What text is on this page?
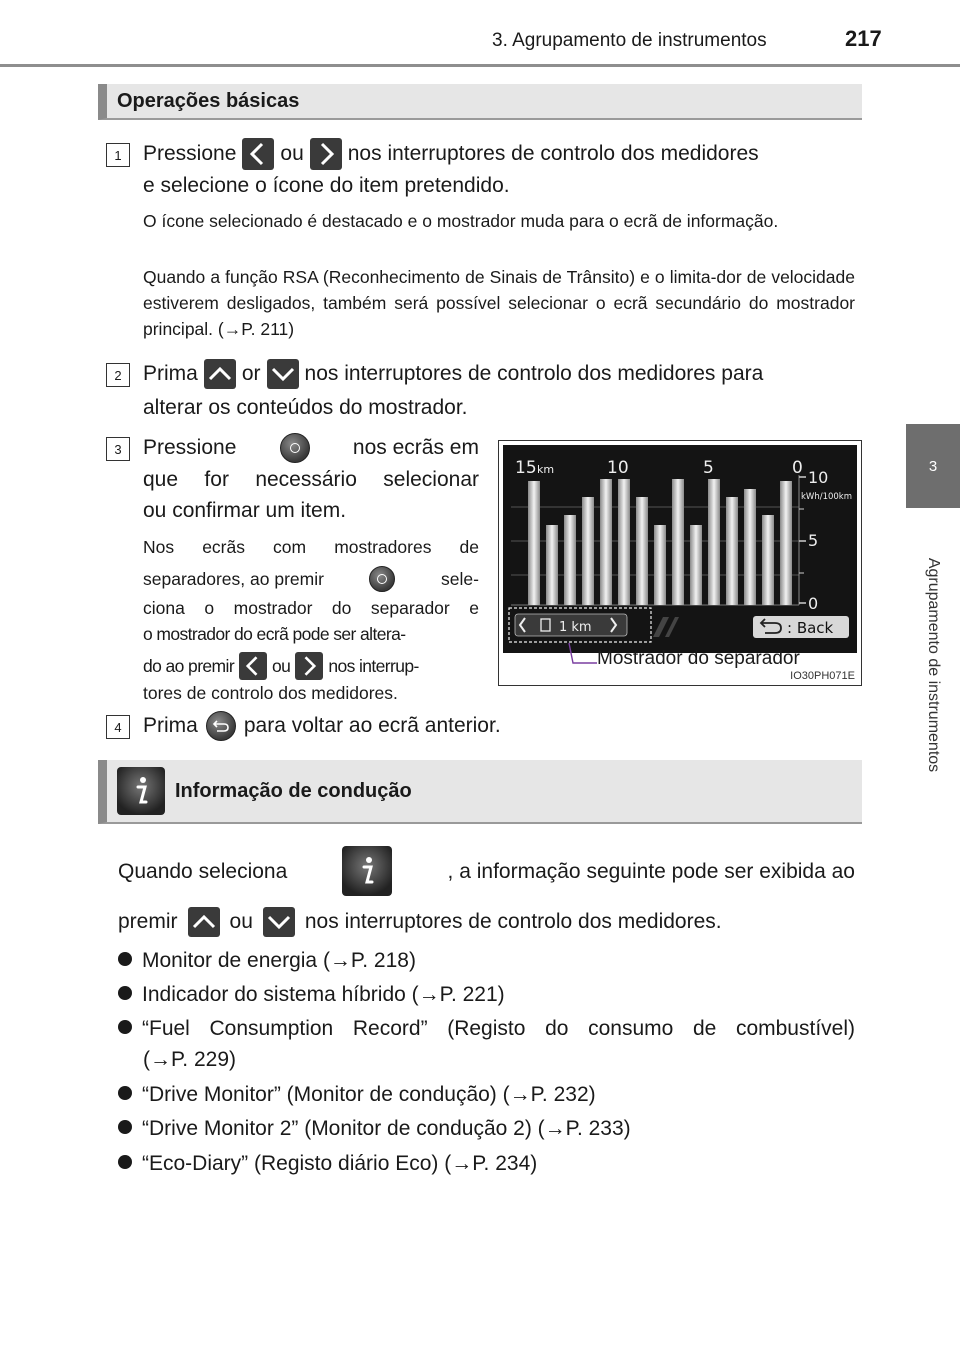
3. Agrupamento de instrumentos	217
3
Agrupamento de instrumentos
Operações básicas
1	Pressione ou nos interruptores de controlo dos medidores
e selecione o ícone do item pretendido.
O ícone selecionado é destacado e o mostrador muda para o ecrã de informação.
Quando a função RSA (Reconhecimento de Sinais de Trânsito) e o limita-dor de velocidade estiverem desligados, também será possível selecionar o ecrã secundário do mostrador principal. (→P. 211)
2	Prima or nos interruptores de controlo dos medidores para
alterar os conteúdos do mostrador.
3	Pressione	nos ecrãs em
que for necessário selecionar
ou confirmar um item.
Nos ecrãs com mostradores de
separadores, ao premir	sele-
ciona o mostrador do separador e
o mostrador do ecrã pode ser altera-
do ao premir ou nos interrup-
tores de controlo dos medidores.
15 km	10	5	0 10
kWh/100km
5
0
1 km	: Back
Mostrador do separador
IO30PH071E
4	Prima para voltar ao ecrã anterior.
Informação de condução
Quando seleciona	, a informação seguinte pode ser exibida ao
premir ou nos interruptores de controlo dos medidores.
Monitor de energia (→P. 218)
Indicador do sistema híbrido (→P. 221)
“Fuel Consumption Record” (Registo do consumo de combustível)
(→P. 229)
“Drive Monitor” (Monitor de condução) (→P. 232)
“Drive Monitor 2” (Monitor de condução 2) (→P. 233)
“Eco-Diary” (Registo diário Eco) (→P. 234)
